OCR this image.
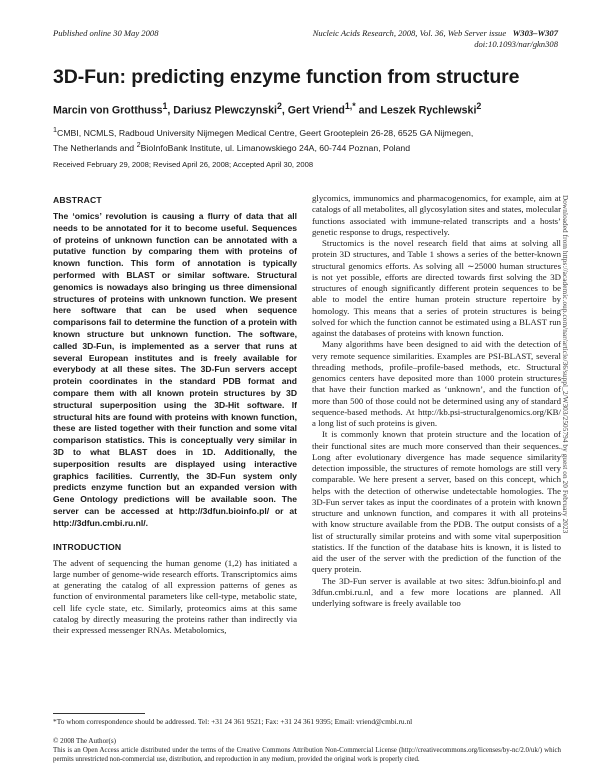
Published online 30 May 2008	Nucleic Acids Research, 2008, Vol. 36, Web Server issue W303–W307
doi:10.1093/nar/gkn308
3D-Fun: predicting enzyme function from structure
Marcin von Grotthuss$^1$, Dariusz Plewczynski$^2$, Gert Vriend$^{1,*}$ and Leszek Rychlewski$^2$
$^1$CMBI, NCMLS, Radboud University Nijmegen Medical Centre, Geert Grooteplein 26-28, 6525 GA Nijmegen,
The Netherlands and $^2$BioInfoBank Institute, ul. Limanowskiego 24A, 60-744 Poznan, Poland
Received February 29, 2008; Revised April 26, 2008; Accepted April 30, 2008
ABSTRACT

The ‘omics’ revolution is causing a flurry of data that all needs to be annotated for it to become useful. Sequences of proteins of unknown function can be annotated with a putative function by comparing them with proteins of known function. This form of annotation is typically performed with BLAST or similar software. Structural genomics is nowadays also bringing us three dimensional structures of proteins with unknown function. We present here software that can be used when sequence comparisons fail to determine the function of a protein with known structure but unknown function. The software, called 3D-Fun, is implemented as a server that runs at several European institutes and is freely available for everybody at all these sites. The 3D-Fun servers accept protein coordinates in the standard PDB format and compare them with all known protein structures by 3D structural superposition using the 3D-Hit software. If structural hits are found with proteins with known function, these are listed together with their function and some vital comparison statistics. This is conceptually very similar in 3D to what BLAST does in 1D. Additionally, the superposition results are displayed using interactive graphics facilities. Currently, the 3D-Fun system only predicts enzyme function but an expanded version with Gene Ontology predictions will be available soon. The server can be accessed at http://3dfun.bioinfo.pl/ or at http://3dfun.cmbi.ru.nl/.

INTRODUCTION

The advent of sequencing the human genome (1,2) has initiated a large number of genome-wide research efforts. Transcriptomics aims at generating the catalog of all expression patterns of genes as function of environmental parameters like cell-type, metabolic state, cell life cycle state, etc. Similarly, proteomics aims at this same catalog by directly measuring the proteins rather than indirectly via their expressed messenger RNAs. Metabolomics,

glycomics, immunomics and pharmacogenomics, for example, aim at catalogs of all metabolites, all glycosylation sites and states, molecular functions associated with immune-related transcripts and a hosts’ genetic response to drugs, respectively.

Structomics is the novel research field that aims at solving all protein 3D structures, and Table 1 shows a series of the better-known structural genomics efforts. As solving all ∼25000 human structures is not yet possible, efforts are directed towards first solving the 3D structures of enough significantly different protein sequences to be able to model the entire human protein structure repertoire by homology. This means that a series of protein structures is being solved for which the function cannot be estimated using a BLAST run against the databases of proteins with known function.

Many algorithms have been designed to aid with the detection of very remote sequence similarities. Examples are PSI-BLAST, several threading methods, profile–profile-based methods, etc. Structural genomics centers have deposited more than 1000 protein structures that have their function marked as ‘unknown’, and the function of more than 500 of those could not be determined using any of standard sequence-based methods. At http://kb.psi-structuralgenomics.org/KB/ a long list of such proteins is given.

It is commonly known that protein structure and the location of their functional sites are much more conserved than their sequences. Long after evolutionary divergence has made sequence similarity detection impossible, the structures of remote homologs are still very comparable. We here present a server, based on this concept, which helps with the detection of otherwise undetectable homologies. The 3D-Fun server takes as input the coordinates of a protein with known structure and unknown function, and compares it with all proteins with know structure available from the PDB. The output consists of a list of structurally similar proteins and with some vital superposition statistics. If the function of the database hits is known, it is listed to aid the user of the server with the prediction of the function of the query protein.

The 3D-Fun server is available at two sites: 3dfun.bioinfo.pl and 3dfun.cmbi.ru.nl, and a few more locations are planned. All underlying software is freely available too

Downloaded from https://academic.oup.com/nar/article/36/suppl_2/W303/2505794 by guest on 20 February 2023
*To whom correspondence should be addressed. Tel: +31 24 361 9521; Fax: +31 24 361 9395; Email: vriend@cmbi.ru.nl
© 2008 The Author(s)
This is an Open Access article distributed under the terms of the Creative Commons Attribution Non-Commercial License (http://creativecommons.org/licenses/by-nc/2.0/uk/) which permits unrestricted non-commercial use, distribution, and reproduction in any medium, provided the original work is properly cited.
